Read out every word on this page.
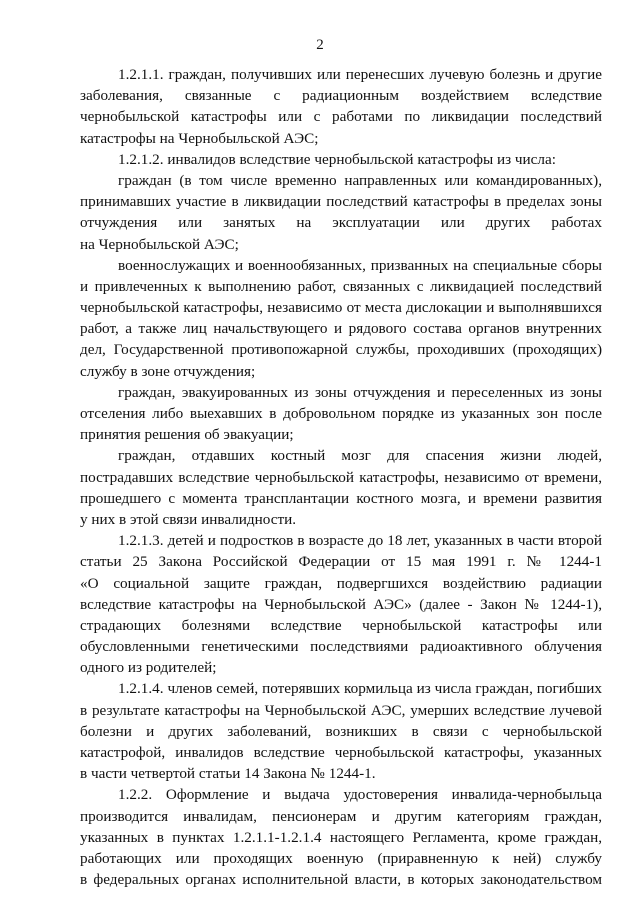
2
1.2.1.1. граждан, получивших или перенесших лучевую болезнь и другие
заболевания, связанные с радиационным воздействием вследствие
чернобыльской катастрофы или с работами по ликвидации последствий
катастрофы на Чернобыльской АЭС;
1.2.1.2. инвалидов вследствие чернобыльской катастрофы из числа:
граждан (в том числе временно направленных или командированных),
принимавших участие в ликвидации последствий катастрофы в пределах зоны
отчуждения или занятых на эксплуатации или других работах
на Чернобыльской АЭС;
военнослужащих и военнообязанных, призванных на специальные сборы
и привлеченных к выполнению работ, связанных с ликвидацией последствий
чернобыльской катастрофы, независимо от места дислокации и выполнявшихся
работ, а также лиц начальствующего и рядового состава органов внутренних
дел, Государственной противопожарной службы, проходивших (проходящих)
службу в зоне отчуждения;
граждан, эвакуированных из зоны отчуждения и переселенных из зоны
отселения либо выехавших в добровольном порядке из указанных зон после
принятия решения об эвакуации;
граждан, отдавших костный мозг для спасения жизни людей,
пострадавших вследствие чернобыльской катастрофы, независимо от времени,
прошедшего с момента трансплантации костного мозга, и времени развития
у них в этой связи инвалидности.
1.2.1.3. детей и подростков в возрасте до 18 лет, указанных в части второй
статьи 25 Закона Российской Федерации от 15 мая 1991 г. № 1244-1
«О социальной защите граждан, подвергшихся воздействию радиации
вследствие катастрофы на Чернобыльской АЭС» (далее - Закон № 1244-1),
страдающих болезнями вследствие чернобыльской катастрофы или
обусловленными генетическими последствиями радиоактивного облучения
одного из родителей;
1.2.1.4. членов семей, потерявших кормильца из числа граждан, погибших
в результате катастрофы на Чернобыльской АЭС, умерших вследствие лучевой
болезни и других заболеваний, возникших в связи с чернобыльской
катастрофой, инвалидов вследствие чернобыльской катастрофы, указанных
в части четвертой статьи 14 Закона № 1244-1.
1.2.2. Оформление и выдача удостоверения инвалида-чернобыльца
производится инвалидам, пенсионерам и другим категориям граждан,
указанных в пунктах 1.2.1.1-1.2.1.4 настоящего Регламента, кроме граждан,
работающих или проходящих военную (приравненную к ней) службу
в федеральных органах исполнительной власти, в которых законодательством
